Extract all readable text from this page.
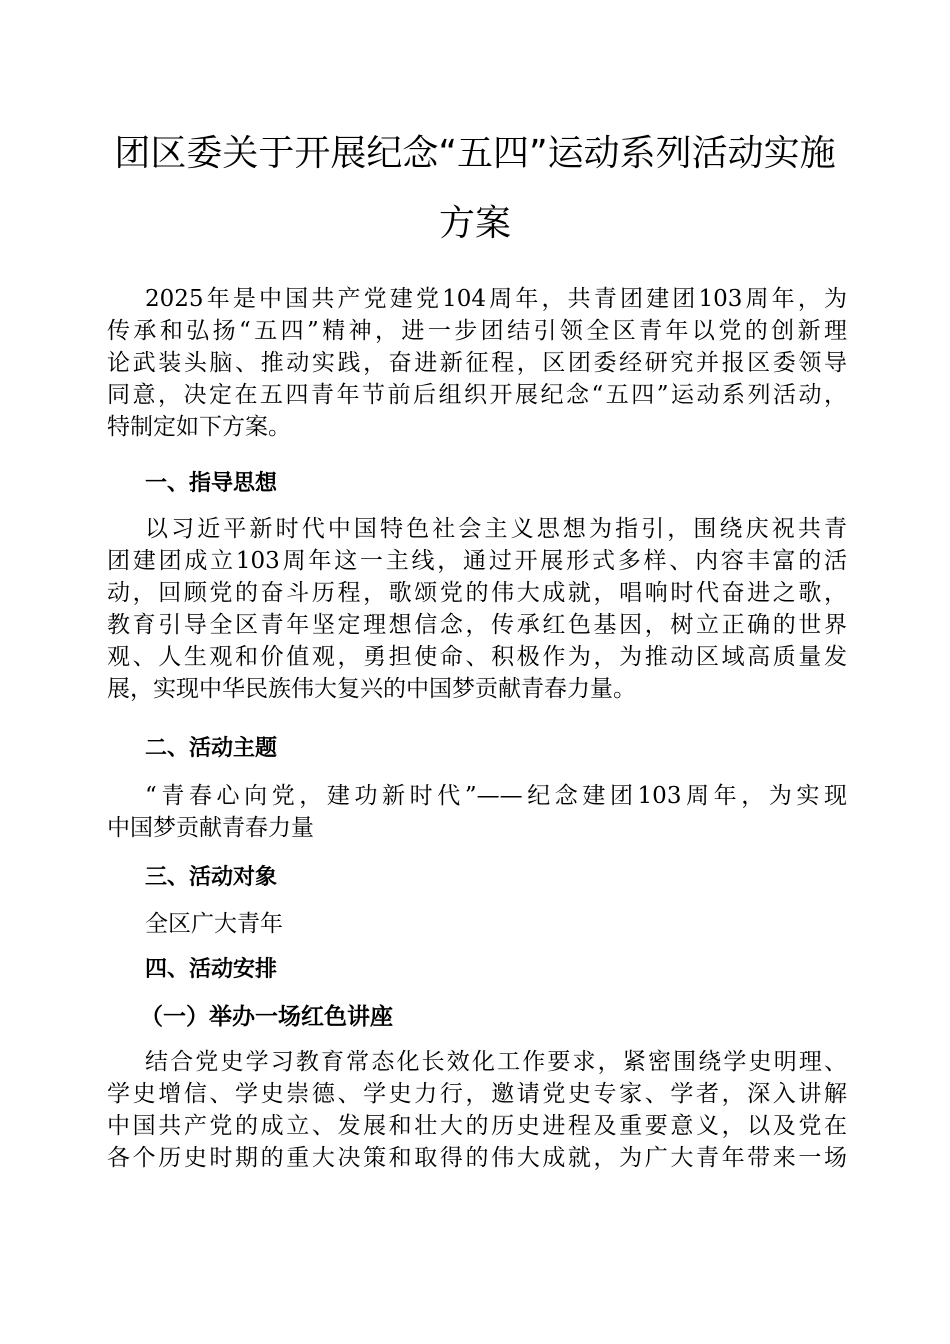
团区委关于开展纪念“五四”运动系列活动实施
方案
2025年是中国共产党建党104周年，共青团建团103周年，为
传承和弘扬“五四”精神，进一步团结引领全区青年以党的创新理
论武装头脑、推动实践，奋进新征程，区团委经研究并报区委领导
同意，决定在五四青年节前后组织开展纪念“五四”运动系列活动，
特制定如下方案。
一、指导思想
以习近平新时代中国特色社会主义思想为指引，围绕庆祝共青
团建团成立103周年这一主线，通过开展形式多样、内容丰富的活
动，回顾党的奋斗历程，歌颂党的伟大成就，唱响时代奋进之歌，
教育引导全区青年坚定理想信念，传承红色基因，树立正确的世界
观、人生观和价值观，勇担使命、积极作为，为推动区域高质量发
展，实现中华民族伟大复兴的中国梦贡献青春力量。
二、活动主题
“青春心向党，建功新时代”——纪念建团103周年，为实现
中国梦贡献青春力量
三、活动对象

全区广大青年

四、活动安排
（一）举办一场红色讲座
结合党史学习教育常态化长效化工作要求，紧密围绕学史明理、
学史增信、学史崇德、学史力行，邀请党史专家、学者，深入讲解
中国共产党的成立、发展和壮大的历史进程及重要意义，以及党在
各个历史时期的重大决策和取得的伟大成就，为广大青年带来一场
